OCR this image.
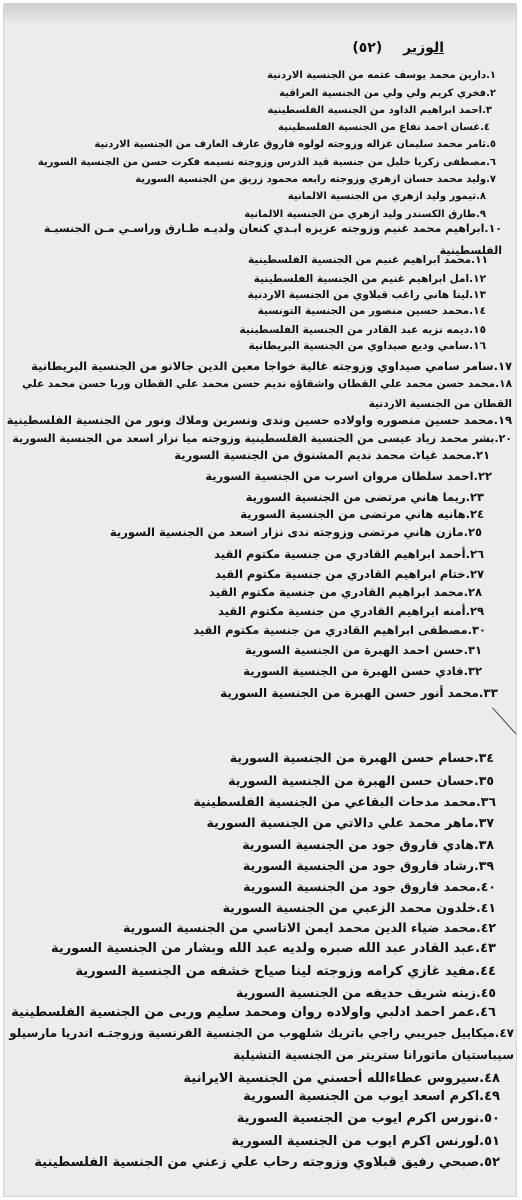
الوزير (٥٢)
١.دارين محمد يوسف عتمه من الجنسية الاردنية
٢.فخري كريم ولي ولي من الجنسية العراقية
٣.احمد ابراهيم الداود من الجنسية الفلسطينية
٤.غسان احمد نفاع من الجنسية الفلسطينية
٥.ثامر محمد سليمان غزاله وزوجته لولوه فاروق عارف العارف من الجنسية الاردنية
٦.مصطفى زكريا خليل من جنسية قيد الدرس وزوجته نسيمه فكرت حسن من الجنسية السورية
٧.وليد محمد حسان ازهري وزوجته رابعه محمود زريق من الجنسية السورية
٨.تيمور وليد ازهري من الجنسية الالمانية
٩.طارق الكسندر وليد ازهري من الجنسية الالمانية
١٠.ابراهيم محمد غنيم وزوجته عزيزه ابـدي كنعان ولديـه طـارق وراسـي مـن الجنسيـة
الفلسطينية
١١.محمد ابراهيم غنيم من الجنسية الفلسطينية
١٢.امل ابراهيم غنيم من الجنسية الفلسطينية
١٣.لينا هاني راغب قبلاوي من الجنسية الاردنية
١٤.محمد حسين منصور من الجنسية التونسية
١٥.ديمه نزيه عبد القادر من الجنسية الفلسطينية
١٦.سامي وديع صيداوي من الجنسية البريطانية
١٧.سامر سامي صيداوي وزوجته غالية خواجا معين الدين جالانو من الجنسية البريطانية
١٨.محمد حسن محمد علي القطان واشقاؤه نديم حسن محمد علي القطان وربا حسن محمد علي
القطان من الجنسية الاردنية
١٩.محمد حسين منصوره واولاده حسين وندى ونسرين وملاك ونور من الجنسية الفلسطينية
٢٠.بشر محمد زياد عيسى من الجنسية الفلسطينية وزوجته ميا نزار اسعد من الجنسية السورية
٢١.محمد غياث محمد نديم المشنوق من الجنسية السورية
٢٢.احمد سلطان مروان اسرب من الجنسية السورية
٢٣.ريما هاني مرتضى من الجنسية السورية
٢٤.هانيه هاني مرتضى من الجنسية السورية
٢٥.مازن هاني مرتضى وزوجته ندى نزار اسعد من الجنسية السورية
٢٦.أحمد ابراهيم القادري من جنسية مكتوم القيد
٢٧.ختام ابراهيم القادري من جنسية مكتوم القيد
٢٨.محمد ابراهيم القادري من جنسية مكتوم القيد
٢٩.أمنه ابراهيم القادري من جنسية مكتوم القيد
٣٠.مصطفى ابراهيم القادري من جنسية مكتوم القيد
٣١.حسن احمد الهبرة من الجنسية السورية
٣٢.فادي حسن الهبرة من الجنسية السورية
٣٣.محمد أنور حسن الهبرة من الجنسية السورية
٣٤.حسام حسن الهبرة من الجنسية السورية
٣٥.حسان حسن الهبرة من الجنسية السورية
٣٦.محمد مدحات البقاعي من الجنسية الفلسطينية
٣٧.ماهر محمد علي دالاتي من الجنسية السورية
٣٨.هادي فاروق جود من الجنسية السورية
٣٩.رشاد فاروق جود من الجنسية السورية
٤٠.محمد فاروق جود من الجنسية السورية
٤١.خلدون محمد الزعبي من الجنسية السورية
٤٢.محمد ضياء الدين محمد ايمن الاتاسي من الجنسية السورية
٤٣.عبد القادر عبد الله صبره ولديه عبد الله وبشار من الجنسية السورية
٤٤.مفيد غازي كرامه وزوجته لينا صياح خشفه من الجنسية السورية
٤٥.زينه شريف حديفه من الجنسية السورية
٤٦.عمر احمد ادلبي واولاده روان ومحمد سليم وربى من الجنسية الفلسطينية
٤٧.ميكاييل جبريبي راجي باتريك شلهوب من الجنسية الفرنسية وزوجتـه اندريا مارسيلو
سيباستيان ماتورانا ستريتر من الجنسية التشيلية
٤٨.سيروس عطاءالله أحسني من الجنسية الايرانية
٤٩.اكرم اسعد ايوب من الجنسية السورية
٥٠.نورس اكرم ايوب من الجنسية السورية
٥١.لورنس اكرم ايوب من الجنسية السورية
٥٢.صبحي رفيق قبلاوي وزوجته رحاب علي زعني من الجنسية الفلسطينية
